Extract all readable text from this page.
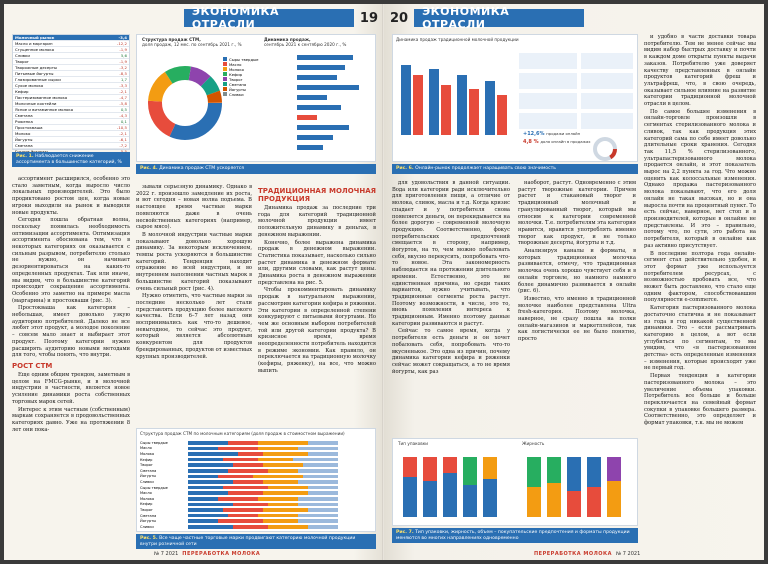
ЭКОНОМИКА ОТРАСЛИ	19
Молочный рынок	-3,4
Масло и маргарин	-12,2
Сгущенное молоко	-1,9
Сливки	5,6
Творог	-1,9
Творожные десерты	-3,2
Питьевые йогурты	-8,5
Глазированные сырки	1,7
Сухое молоко	-3,3
Кефир	-2,1
Пастеризованное молоко	-4,7
Молочные коктейли	-5,8
Ясное и витаминное молоко	0,5
Сметана	-4,3
Ряженка	0,1
Простокваша	-10,5
Молоко	-2,1
Йогурты	-6,1
Сметана	-7,2

Рис. 1. Наблюдается снижение ассортимента в большинстве категорий, %
Структура продаж СТМ,
доля продаж, 12 мес. по сентябрь 2021 г., %
Динамика продаж,
сентябрь 2021 к сентябрю 2020 г., %
Сыры твердые
Масло
Молоко
Кефир
Творог
Сметана
Йогурты
Сливки
Рис. 4. Динамика продаж СТМ ускоряется

ассортимент расширился, особенно это стало заметным, когда выросло число локальных производителей. Это было продиктовано ростом цен, когда новые игроки выходили на рынок и выводили новые продукты.

Сегодня пошла обратная волна, поскольку появилась необходимость оптимизации ассортимента. Оптимизация ассортимента обоснована тем, что в некоторых категориях он оказывается с сильным разрывом, потребителю столько не нужно, он начинает дезориентироваться на каких-то определенных продуктах. Так или иначе, мы видим, что в большинстве категорий происходит сокращение ассортимента. Особенно это заметно на примере масла (маргарина) и простокваши (рис. 3).

Простокваша как категория – небольшая, имеет довольно узкую аудиторию потребителей. Далеко не все любят этот продукт, а молодое поколение – совсем мало знает и выбирает этот продукт. Поэтому категории нужно расширять аудиторию новыми методами для того, чтобы понять, что внутри.

РОСТ СТМ

Еще одним общим трендом, заметным в целом на FMCG-рынке, и в молочной индустрии в частности, является новое усиление динамики роста собственных торговых марок сетей.

Интерес к этим частным (собственным) маркам сохраняется в продовольственных категориях давно. Уже на протяжении 8 лет они пока-

зывали серьезную динамику. Однако в 2022 г. произошло замедление их роста, и вот сегодня – новая волна подъема. В настоящее время частные марки появляются даже в очень несвойственных категориях (например, сырое мясо).

В молочной индустрии частные марки показывают довольно хорошую динамику. За некоторым исключением, темпы роста ускоряются в большинстве категорий. Тенденция находит отражение во всей индустрии, и во внутреннем наполнении частных марок в большинстве категорий показывают очень сильный рост (рис. 4).

Нужно отметить, что частные марки за последние несколько лет стали представлять продукцию более высокого качества. Если 6–7 лет назад они воспринимались как что-то дешевое, невыгодное, то сейчас это продукт, который является абсолютным конкурентом для продуктов брендированных, продуктов от известных крупных производителей.

ТРАДИЦИОННАЯ МОЛОЧНАЯ ПРОДУКЦИЯ

Динамика продаж за последние три года для категорий традиционной молочной продукции имеет положительную динамику в деньгах, в денежном выражении.

Конечно, более выражена динамика продаж в денежном выражении. Статистика показывает, насколько сильно растет динамика в денежном формате или, другими словами, как растут цены. Динамика роста в денежном выражении представлена на рис. 5.

Чтобы прокомментировать динамику продаж в натуральном выражении, рассмотрим категории кефира и ряженки. Эти категории в определенной степени конкурируют с питьевыми йогуртами. Но чем же основным выбором потребителей той или другой категории продукта? В кризисное время, время неопределенности потребитель находится в режиме экономии. Как правило, он переключается на традиционную молочку (кефиры, ряженку), на все, что можно выпить

Структура продаж СТМ по молочным категориям (доля продаж в стоимостном выражении)
Сыры твердые
Масло
Молоко
Кефир
Творог
Сметана
Йогурты
Сливки
Сыры твердые
Масло
Молоко
Кефир
Творог
Сметана
Йогурты
Сливки
Рис. 5. Все чаще частные торговые марки продвигают категорию молочной продукции внутри розничной сети
№ 7 2021 ПЕРЕРАБОТКА МОЛОКА
20	ЭКОНОМИКА ОТРАСЛИ
Динамика продаж традиционной молочной продукции
+12,6% продажи онлайн
4,8 % доля онлайн в продажах
Рис. 6. Онлайн-рынок продолжает наращивать свою значимость

для удовольствия в данной ситуации. Вода или категории ради исключительно для приготовления пищи, а отличие от молока, сливок, масла и т.д. Когда кризис спадает и у потребителя снова появляется деньги, он перекидывается на более дорогую – современной молочную продукцию. Соответственно, фокус потребительских предпочтений смещается в сторону, например, йогуртов, на то, чем можно побаловать себя, вкусно перекусить, попробовать что-то новое. Эта закономерность наблюдается на протяжении длительного времени. Естественно, это не единственная причина, но среди таких вариантов, нужно учитывать, что традиционные сегменты роста растут. Поэтому возможности, в числе, это то, вновь появления интереса к традиционным. Именно поэтому данные категории развиваются и растут.

Сейчас то самое время, когда у потребителя есть деньги и он хочет побаловать себя, попробовать что-то вкусненькое. Это одна из причин, почему динамика категории кефира и ряженки сейчас может сокращаться, а то не время йогурты, как раз

наоборот, растут. Одновременно с этим растут творожные категории. Причем растет и стакановый творог и традиционный молочный и гранулированный творог, который мы относим к категории современной молочки. Т.е. потребителям эта категория нравится, нравится употреблять именно творог как продукт, и не только творожные десерты, йогурты и т.д.

Анализируя каналы и форматы, в которых традиционная молочка развивается, отмечу, что традиционная молочка очень хорошо чувствует себя и в онлайн торговле, но намного намного более динамично развивается в онлайн (рис. 6).

Известно, что именно в традиционной молочке наиболее представлена Ultra fresh-категория. Поэтому молочка, наверное, не сразу пошла на полки онлайн-магазинов и маркетплейсов, так как логистически ее не было понятно, просто

и удобно в части доставки товара потребителю. Тем не менее сейчас мы видим набор быстрых доставку и почти в каждом доме открыты пункты выдачи заказов. Потребителю уже доверяет качеству представленных в онлайн продуктов категорий фреш и ультрафреш, что, в свою очередь, оказывает сильное влияние на развитие категории традиционной молочной отрасли в целом.

По самое большее изменения в онлайн-торговле произошли в сегментах стерилизованного молока и сливок, так как продукция этих категорий сама по себе имеет довольно длительные сроки хранения. Сегодня так 11,5 % стерилизованного, ультрапастеризованного молока продается онлайн, и этот показатель вырос на 2,2 пункта за год. Что можно оценить как колоссальные изменения. Однако продажа пастеризованного молока показывают, что его доля онлайн не такая высокая, но и она выросла почти на процентный пункт. То есть сейчас, наверное, нет стоп и в производителей, которые в онлайне не представлены. И это – правильно, потому что, по сути, это работа на потребителя, который в онлайне как раз активно присутствует.

В последние полтора года онлайн-сегмент стал действительно удобен, и этот формат уже используется потребителем ресурсах, с возможностью пробовать все, что может быть доставлено, что стало еще одним фактором, способствовавшим популярности e-commerce.

Категория пастеризованного молока достаточно статична и не показывает из года в год никакой существенной динамики. Это – если рассматривать категорию в целом, а вот если углубиться по сегментам, то мы увидим, что «в пастеризованном детства» есть определенные изменения – изменения, которые происходят уже не первый год.

Первая тенденция в категории пастеризованного молока – это увеличение объема упаковки. Потребитель все больше и больше переключается на семейный формат сокупки в упаковке большего размера. Соответственно, это определяет и формат упаковки, т.к. мы не можем

Тип упаковки	Жирность
Рис. 7. Тип упаковки, жирность, объем – покупательские предпочтения и форматы продукции меняются во многих направлениях одновременно
ПЕРЕРАБОТКА МОЛОКА № 7 2021
